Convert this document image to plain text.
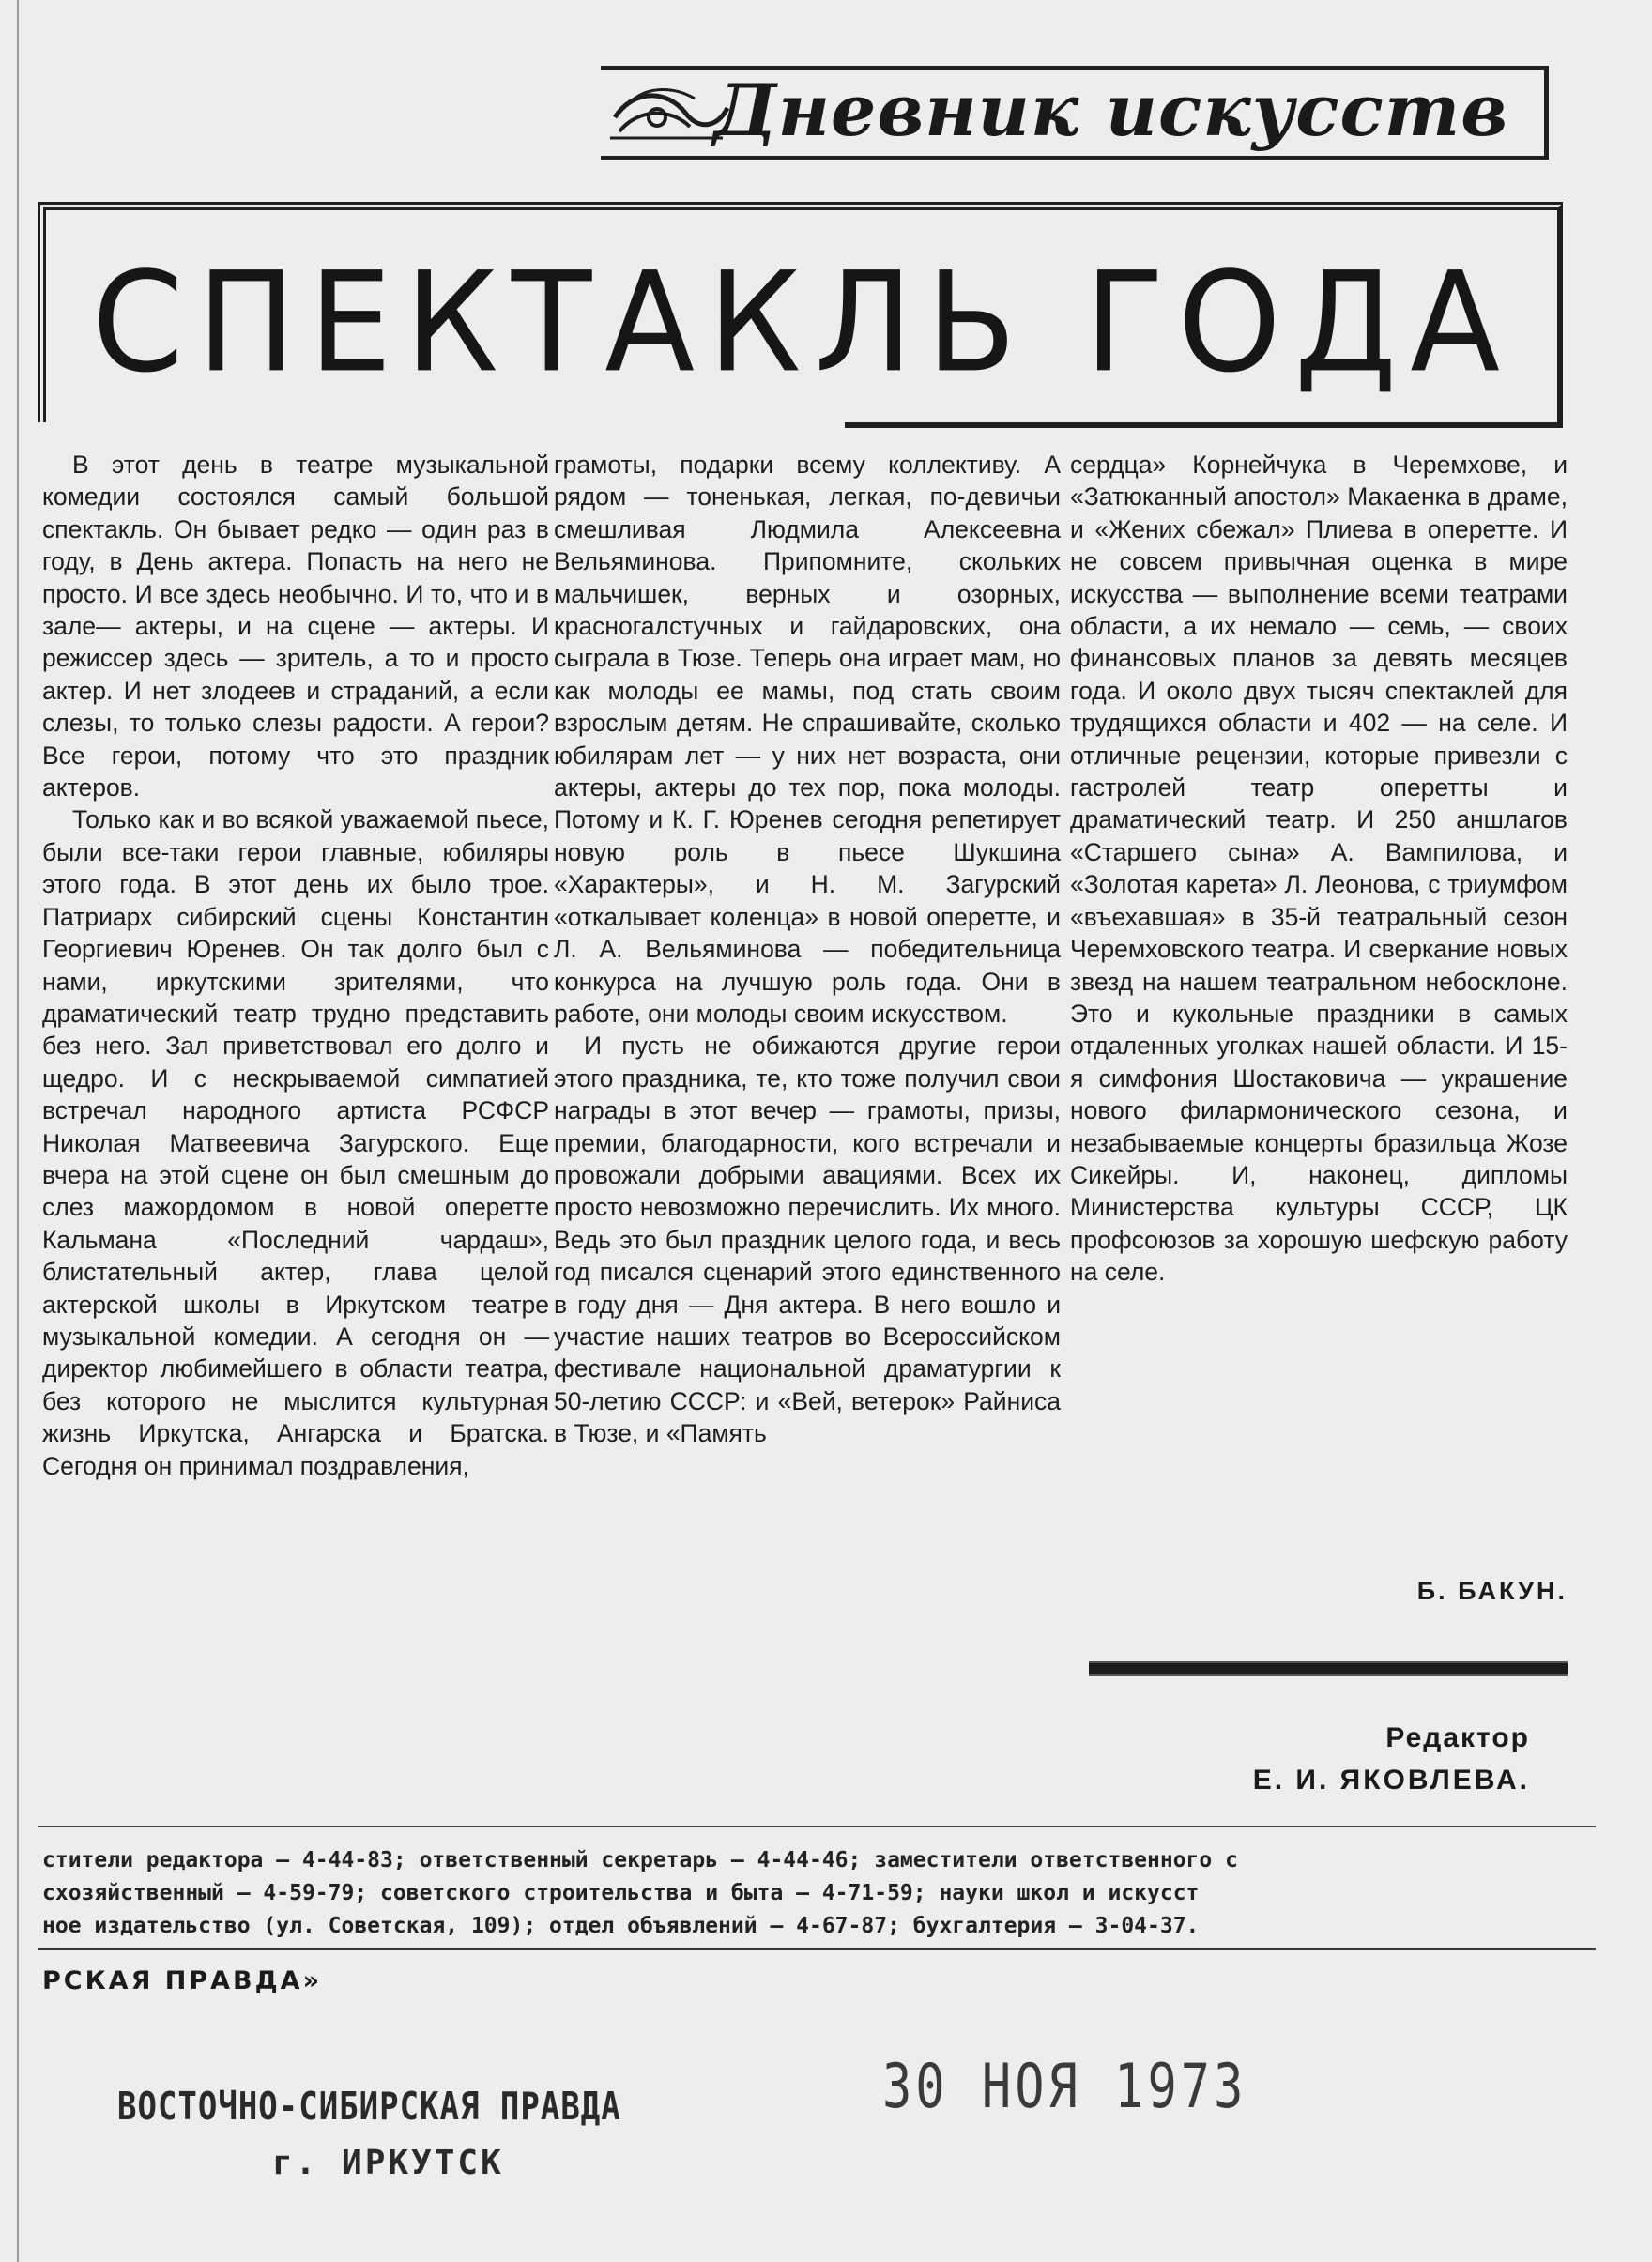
Дневник искусств
СПЕКТАКЛЬ ГОДА

В этот день в театре музыкальной комедии состоялся самый большой спектакль. Он бывает редко — один раз в году, в День актера. Попасть на него не просто. И все здесь необычно. И то, что и в зале— актеры, и на сцене — актеры. И режиссер здесь — зритель, а то и просто актер. И нет злодеев и страданий, а если слезы, то только слезы радости. А герои? Все герои, потому что это праздник актеров.

Только как и во всякой уважаемой пьесе, были все-таки герои главные, юбиляры этого года. В этот день их было трое. Патриарх сибирский сцены Константин Георгиевич Юренев. Он так долго был с нами, иркутскими зрителями, что драматический театр трудно представить без него. Зал приветствовал его долго и щедро. И с нескрываемой симпатией встречал народного артиста РСФСР Николая Матвеевича Загурского. Еще вчера на этой сцене он был смешным до слез мажордомом в новой оперетте Кальмана «Последний чардаш», блистательный актер, глава целой актерской школы в Иркутском театре музыкальной комедии. А сегодня он — директор любимейшего в области театра, без которого не мыслится культурная жизнь Иркутска, Ангарска и Братска. Сегодня он принимал поздравления,

грамоты, подарки всему коллективу. А рядом — тоненькая, легкая, по-девичьи смешливая Людмила Алексеевна Вельяминова. Припомните, скольких мальчишек, верных и озорных, красногалстучных и гайдаровских, она сыграла в Тюзе. Теперь она играет мам, но как молоды ее мамы, под стать своим взрослым детям. Не спрашивайте, сколько юбилярам лет — у них нет возраста, они актеры, актеры до тех пор, пока молоды. Потому и К. Г. Юренев сегодня репетирует новую роль в пьесе Шукшина «Характеры», и Н. М. Загурский «откалывает коленца» в новой оперетте, и Л. А. Вельяминова — победительница конкурса на лучшую роль года. Они в работе, они молоды своим искусством.

И пусть не обижаются другие герои этого праздника, те, кто тоже получил свои награды в этот вечер — грамоты, призы, премии, благодарности, кого встречали и провожали добрыми авациями. Всех их просто невозможно перечислить. Их много. Ведь это был праздник целого года, и весь год писался сценарий этого единственного в году дня — Дня актера. В него вошло и участие наших театров во Всероссийском фестивале национальной драматургии к 50-летию СССР: и «Вей, ветерок» Райниса в Тюзе, и «Память

сердца» Корнейчука в Черемхове, и «Затюканный апостол» Макаенка в драме, и «Жених сбежал» Плиева в оперетте. И не совсем привычная оценка в мире искусства — выполнение всеми театрами области, а их немало — семь, — своих финансовых планов за девять месяцев года. И около двух тысяч спектаклей для трудящихся области и 402 — на селе. И отличные рецензии, которые привезли с гастролей театр оперетты и драматический театр. И 250 аншлагов «Старшего сына» А. Вампилова, и «Золотая карета» Л. Леонова, с триумфом «въехавшая» в 35-й театральный сезон Черемховского театра. И сверкание новых звезд на нашем театральном небосклоне. Это и кукольные праздники в самых отдаленных уголках нашей области. И 15-я симфония Шостаковича — украшение нового филармонического сезона, и незабываемые концерты бразильца Жозе Сикейры. И, наконец, дипломы Министерства культуры СССР, ЦК профсоюзов за хорошую шефскую работу на селе.

Б. БАКУН.
Редактор
Е. И. ЯКОВЛЕВА.
стители редактора — 4-44-83; ответственный секретарь — 4-44-46; заместители ответственного с
схозяйственный — 4-59-79; советского строительства и быта — 4-71-59; науки школ и искусст
ное издательство (ул. Советская, 109); отдел объявлений — 4-67-87; бухгалтерия — 3-04-37.
РСКАЯ ПРАВДА»
ВОСТОЧНО-СИБИРСКАЯ ПРАВДА
г. ИРКУТСК
30 НОЯ 1973
